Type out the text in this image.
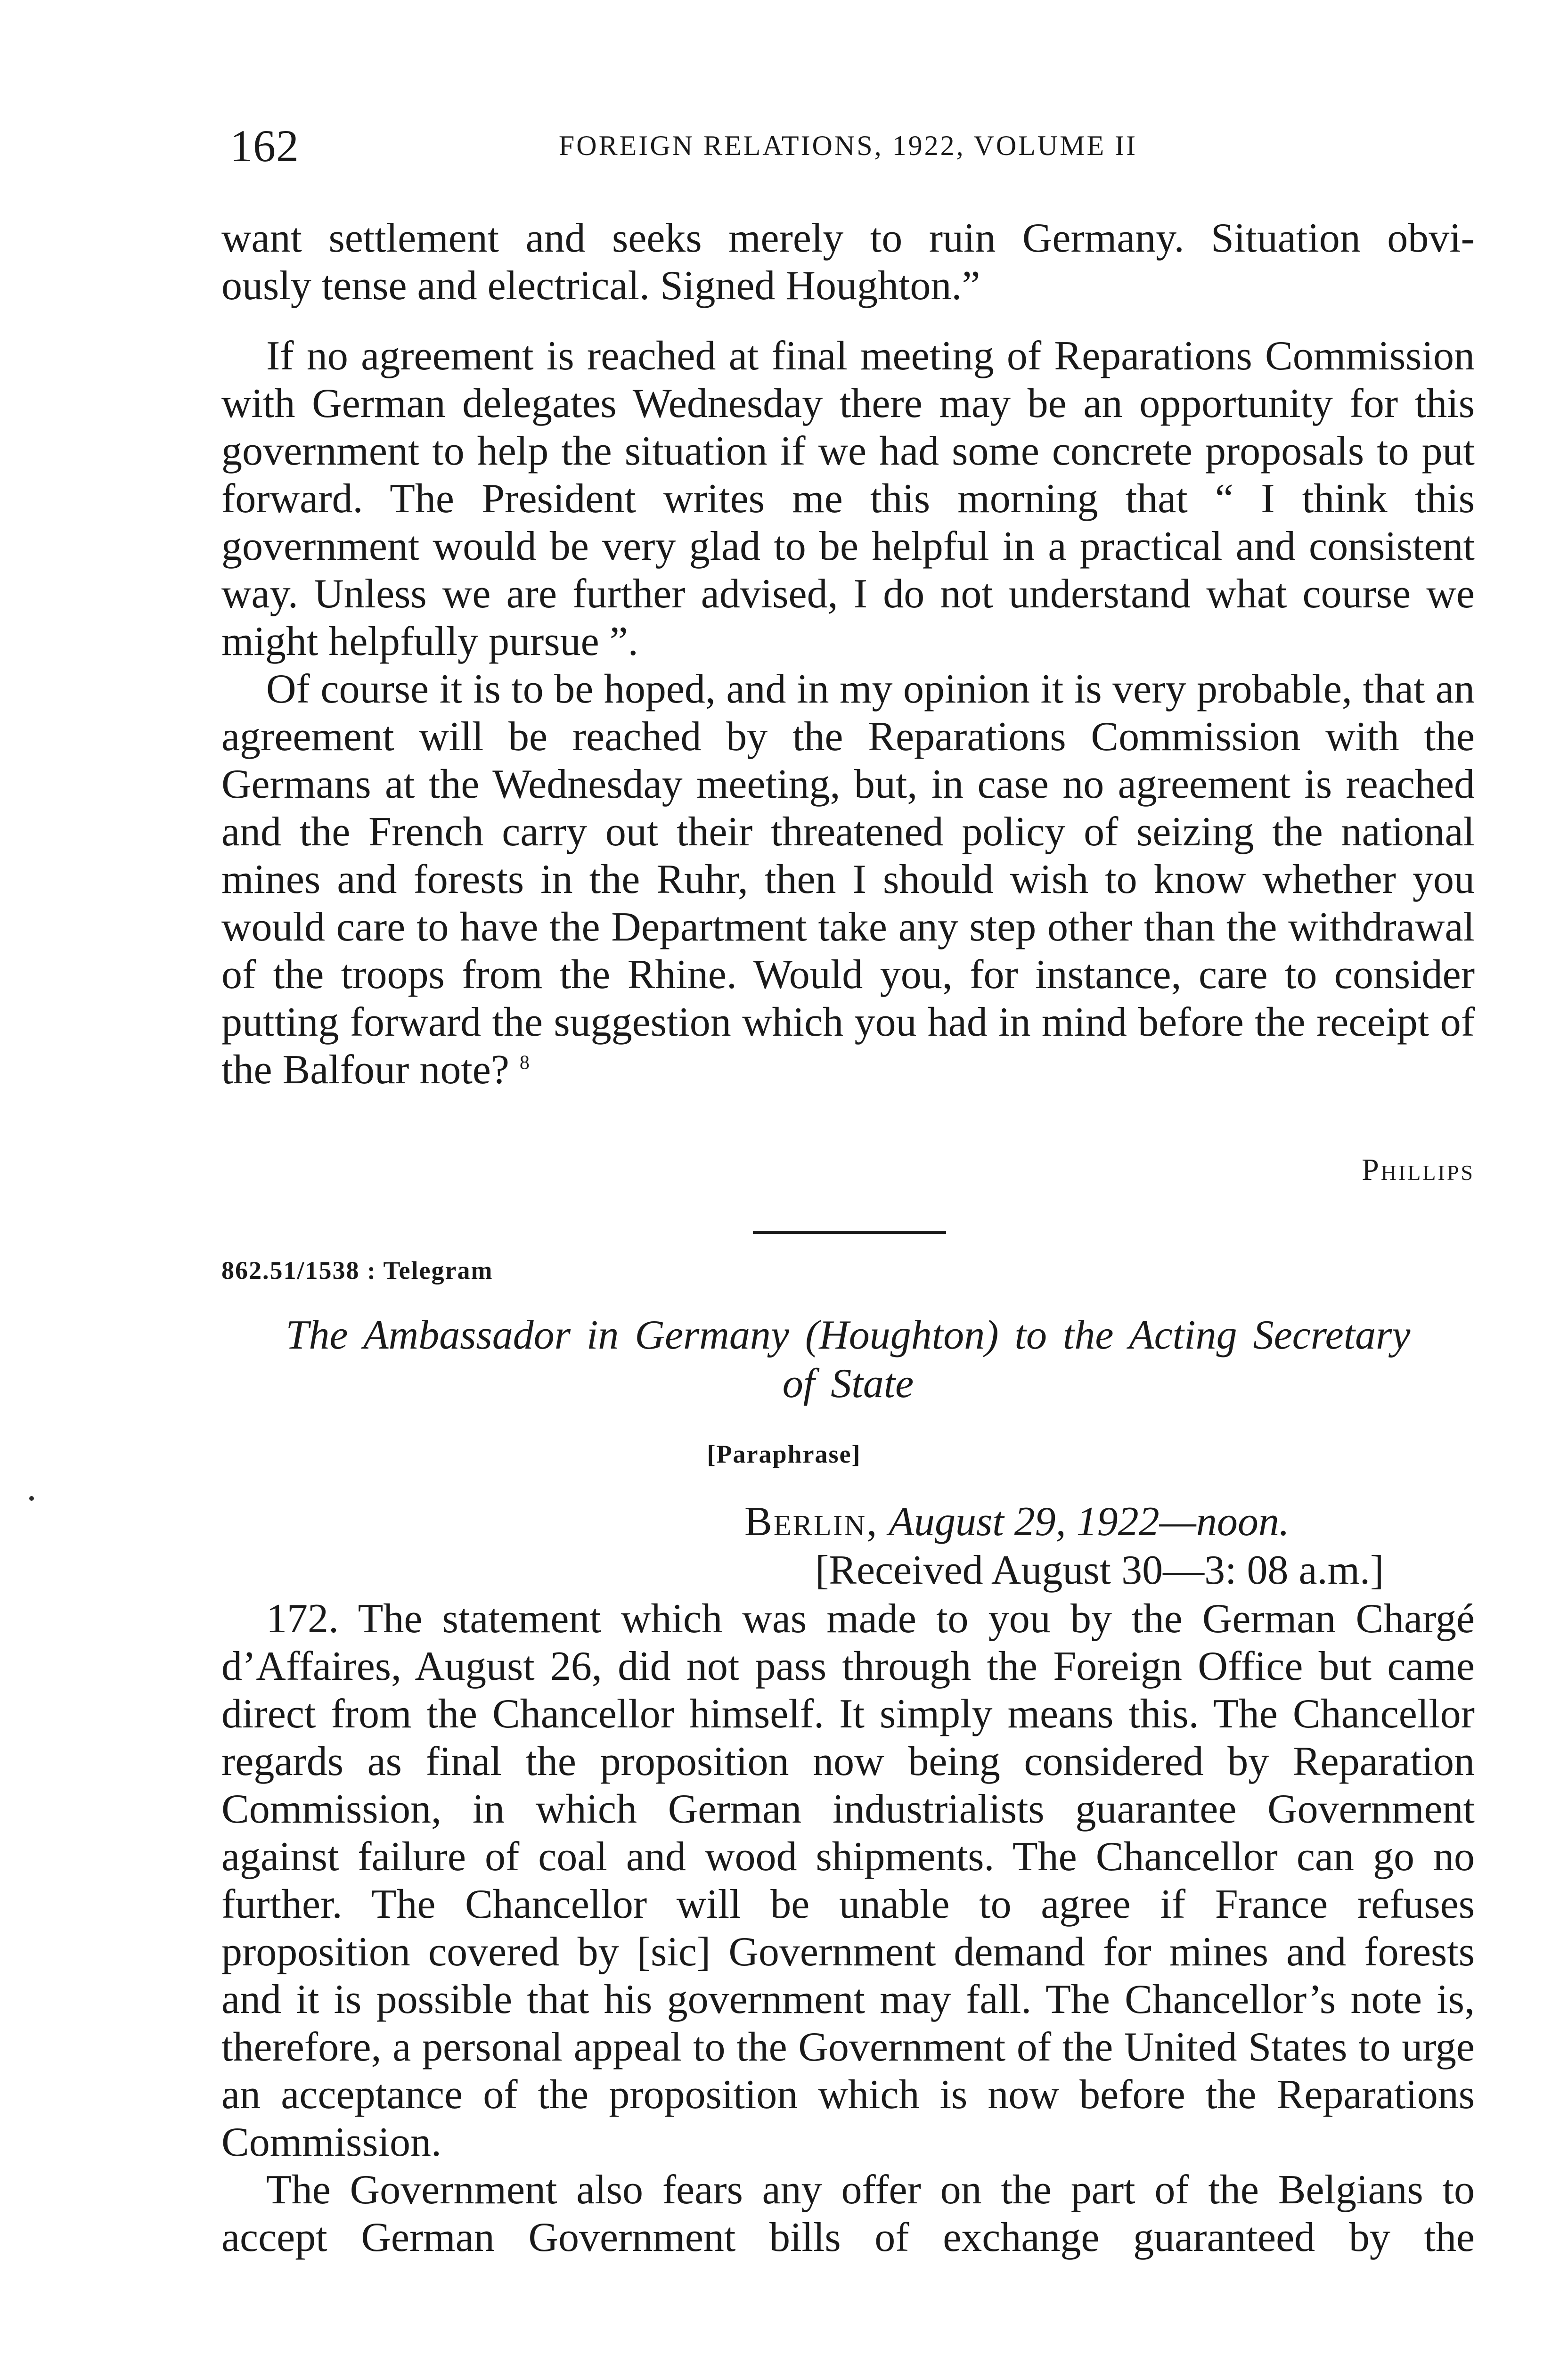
162	FOREIGN RELATIONS, 1922, VOLUME II

want settlement and seeks merely to ruin Germany. Situation obvi-

ously tense and electrical. Signed Houghton.”

If no agreement is reached at final meeting of Reparations Commission with German delegates Wednesday there may be an opportunity for this government to help the situation if we had some concrete proposals to put forward. The President writes me this morning that “ I think this government would be very glad to be helpful in a practical and consistent way. Unless we are further advised, I do not understand what course we might helpfully pursue ”.

Of course it is to be hoped, and in my opinion it is very probable, that an agreement will be reached by the Reparations Commission with the Germans at the Wednesday meeting, but, in case no agreement is reached and the French carry out their threatened policy of seizing the national mines and forests in the Ruhr, then I should wish to know whether you would care to have the Department take any step other than the withdrawal of the troops from the Rhine. Would you, for instance, care to consider putting forward the suggestion which you had in mind before the receipt of the Balfour note? $^8$

Phillips
862.51/1538 : Telegram
The Ambassador in Germany (Houghton) to the Acting Secretary
of State
[Paraphrase]
Berlin, August 29, 1922—noon.
[Received August 30—3: 08 a.m.]

172. The statement which was made to you by the German Chargé d’Affaires, August 26, did not pass through the Foreign Office but came direct from the Chancellor himself. It simply means this. The Chancellor regards as final the proposition now being considered by Reparation Commission, in which German industrialists guarantee Government against failure of coal and wood shipments. The Chancellor can go no further. The Chancellor will be unable to agree if France refuses proposition covered by [sic] Government demand for mines and forests and it is possible that his government may fall. The Chancellor’s note is, therefore, a personal appeal to the Government of the United States to urge an acceptance of the proposition which is now before the Reparations Commission.

The Government also fears any offer on the part of the Belgians to accept German Government bills of exchange guaranteed by the
